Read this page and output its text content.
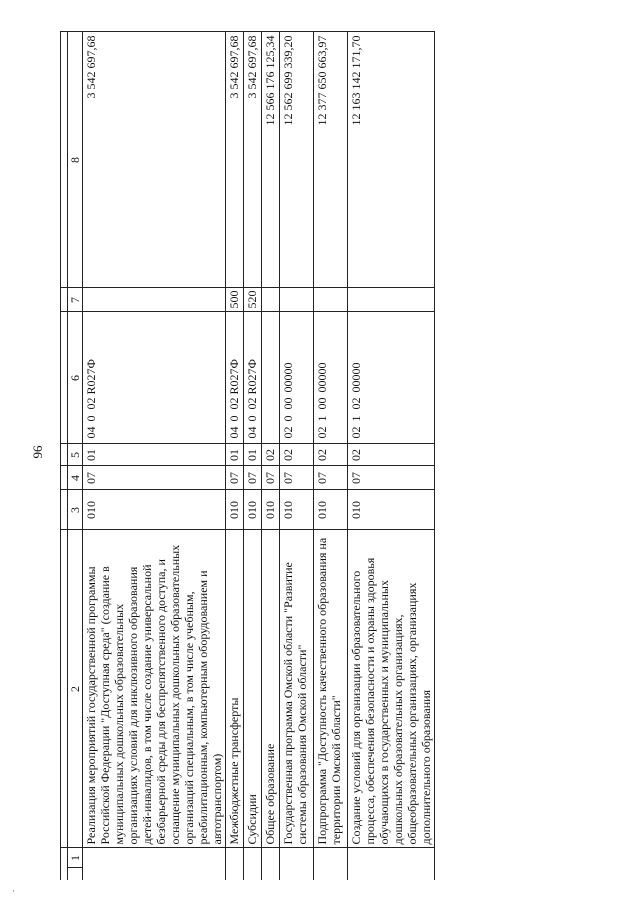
96
·

	1	2	3	4	5	6	7	8
		Реализация мероприятий государственной программы Российской Федерации "Доступная среда" (создание в муниципальных дошкольных образовательных организациях условий для инклюзивного образования детей-инвалидов, в том числе создание универсальной безбарьерной среды для беспрепятственного доступа, и оснащение муниципальных дошкольных образовательных организаций специальным, в том числе учебным, реабилитационным, компьютерным оборудованием и автотранспортом)	010	07	01	04002R027Ф		3 542 697,68
		Межбюджетные трансферты	010	07	01	04002R027Ф	500	3 542 697,68
		Субсидии	010	07	01	04002R027Ф	520	3 542 697,68
		Общее образование	010	07	02			12 566 176 125,34
		Государственная программа Омской области "Развитие системы образования Омской области"	010	07	02	0200000000		12 562 699 339,20
		Подпрограмма "Доступность качественного образования на территории Омской области"	010	07	02	0210000000		12 377 650 663,97
		Создание условий для организации образовательного процесса, обеспечения безопасности и охраны здоровья обучающихся в государственных и муниципальных дошкольных образовательных организациях, общеобразовательных организациях, организациях дополнительного образования	010	07	02	0210200000		12 163 142 171,70
